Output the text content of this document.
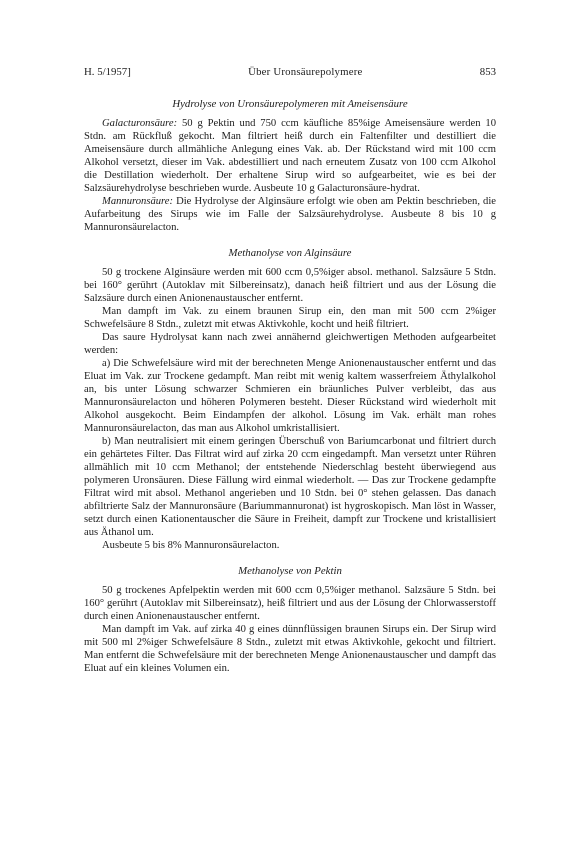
H. 5/1957]	Über Uronsäurepolymere	853
Hydrolyse von Uronsäurepolymeren mit Ameisensäure

Galacturonsäure: 50 g Pektin und 750 ccm käufliche 85%ige Ameisensäure werden 10 Stdn. am Rückfluß gekocht. Man filtriert heiß durch ein Faltenfilter und destilliert die Ameisensäure durch allmähliche Anlegung eines Vak. ab. Der Rückstand wird mit 100 ccm Alkohol versetzt, dieser im Vak. abdestilliert und nach erneutem Zusatz von 100 ccm Alkohol die Destillation wiederholt. Der erhaltene Sirup wird so aufgearbeitet, wie es bei der Salzsäurehydrolyse beschrieben wurde. Ausbeute 10 g Galacturonsäure-hydrat.

Mannuronsäure: Die Hydrolyse der Alginsäure erfolgt wie oben am Pektin beschrieben, die Aufarbeitung des Sirups wie im Falle der Salzsäurehydrolyse. Ausbeute 8 bis 10 g Mannuronsäurelacton.

Methanolyse von Alginsäure

50 g trockene Alginsäure werden mit 600 ccm 0,5%iger absol. methanol. Salzsäure 5 Stdn. bei 160° gerührt (Autoklav mit Silbereinsatz), danach heiß filtriert und aus der Lösung die Salzsäure durch einen Anionenaustauscher entfernt.

Man dampft im Vak. zu einem braunen Sirup ein, den man mit 500 ccm 2%iger Schwefelsäure 8 Stdn., zuletzt mit etwas Aktivkohle, kocht und heiß filtriert.

Das saure Hydrolysat kann nach zwei annähernd gleichwertigen Methoden aufgearbeitet werden:

a) Die Schwefelsäure wird mit der berechneten Menge Anionenaustauscher entfernt und das Eluat im Vak. zur Trockene gedampft. Man reibt mit wenig kaltem wasserfreiem Äthylalkohol an, bis unter Lösung schwarzer Schmieren ein bräunliches Pulver verbleibt, das aus Mannuronsäurelacton und höheren Polymeren besteht. Dieser Rückstand wird wiederholt mit Alkohol ausgekocht. Beim Eindampfen der alkohol. Lösung im Vak. erhält man rohes Mannuronsäurelacton, das man aus Alkohol umkristallisiert.

b) Man neutralisiert mit einem geringen Überschuß von Bariumcarbonat und filtriert durch ein gehärtetes Filter. Das Filtrat wird auf zirka 20 ccm eingedampft. Man versetzt unter Rühren allmählich mit 10 ccm Methanol; der entstehende Niederschlag besteht überwiegend aus polymeren Uronsäuren. Diese Fällung wird einmal wiederholt. — Das zur Trockene gedampfte Filtrat wird mit absol. Methanol angerieben und 10 Stdn. bei 0° stehen gelassen. Das danach abfiltrierte Salz der Mannuronsäure (Bariummannuronat) ist hygroskopisch. Man löst in Wasser, setzt durch einen Kationentauscher die Säure in Freiheit, dampft zur Trockene und kristallisiert aus Äthanol um.

Ausbeute 5 bis 8% Mannuronsäurelacton.

Methanolyse von Pektin

50 g trockenes Apfelpektin werden mit 600 ccm 0,5%iger methanol. Salzsäure 5 Stdn. bei 160° gerührt (Autoklav mit Silbereinsatz), heiß filtriert und aus der Lösung der Chlorwasserstoff durch einen Anionenaustauscher entfernt.

Man dampft im Vak. auf zirka 40 g eines dünnflüssigen braunen Sirups ein. Der Sirup wird mit 500 ml 2%iger Schwefelsäure 8 Stdn., zuletzt mit etwas Aktivkohle, gekocht und filtriert. Man entfernt die Schwefelsäure mit der berechneten Menge Anionenaustauscher und dampft das Eluat auf ein kleines Volumen ein.
